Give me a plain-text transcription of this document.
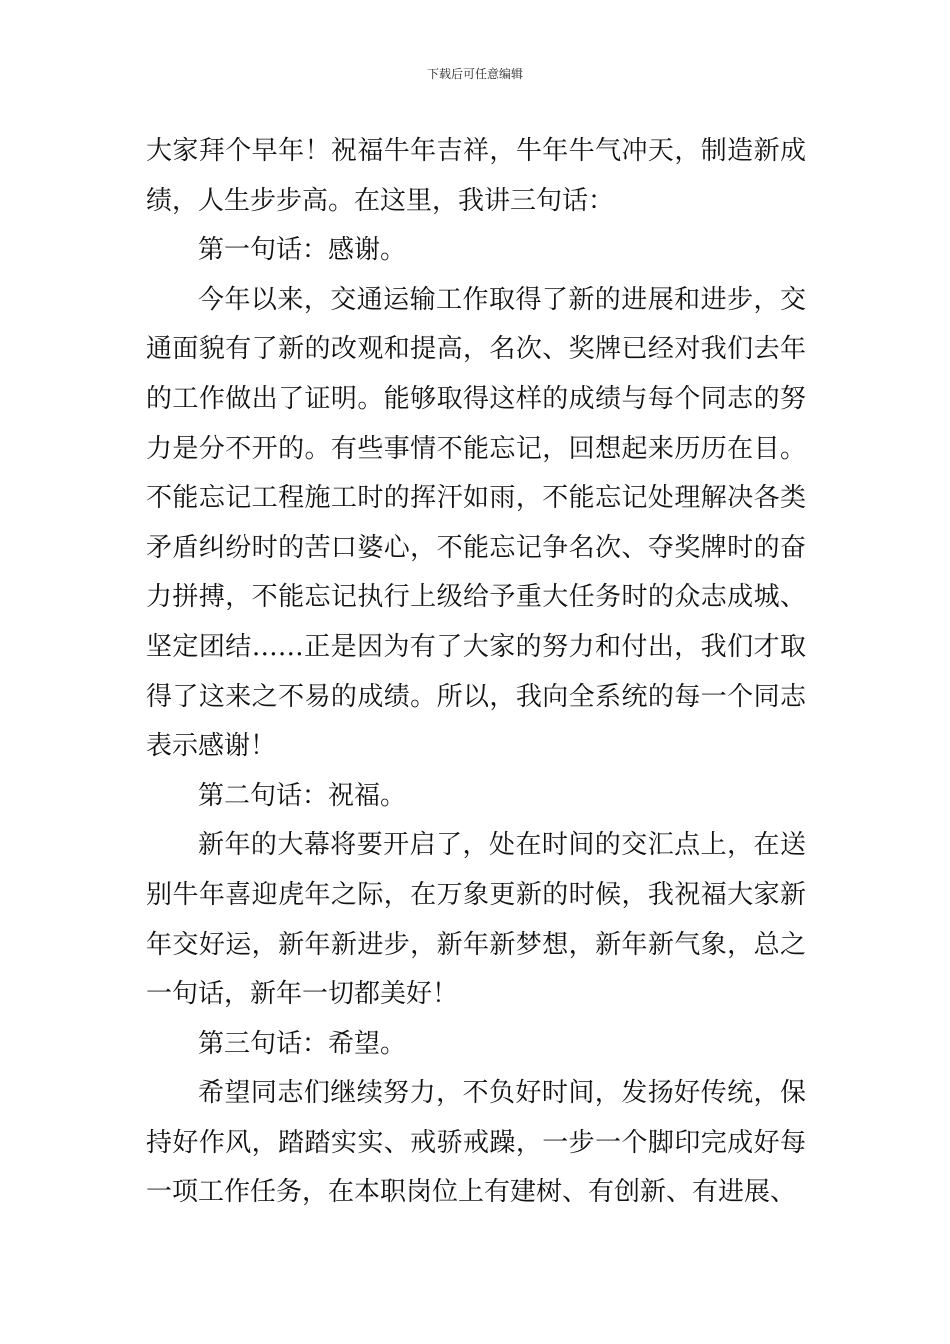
下载后可任意编辑

大家拜个早年！祝福牛年吉祥，牛年牛气冲天，制造新成绩，人生步步高。在这里，我讲三句话：

第一句话：感谢。

今年以来，交通运输工作取得了新的进展和进步，交通面貌有了新的改观和提高，名次、奖牌已经对我们去年的工作做出了证明。能够取得这样的成绩与每个同志的努力是分不开的。有些事情不能忘记，回想起来历历在目。不能忘记工程施工时的挥汗如雨，不能忘记处理解决各类矛盾纠纷时的苦口婆心，不能忘记争名次、夺奖牌时的奋力拼搏，不能忘记执行上级给予重大任务时的众志成城、坚定团结……正是因为有了大家的努力和付出，我们才取得了这来之不易的成绩。所以，我向全系统的每一个同志表示感谢！

第二句话：祝福。

新年的大幕将要开启了，处在时间的交汇点上，在送别牛年喜迎虎年之际，在万象更新的时候，我祝福大家新年交好运，新年新进步，新年新梦想，新年新气象，总之一句话，新年一切都美好！

第三句话：希望。

希望同志们继续努力，不负好时间，发扬好传统，保持好作风，踏踏实实、戒骄戒躁，一步一个脚印完成好每一项工作任务，在本职岗位上有建树、有创新、有进展、
